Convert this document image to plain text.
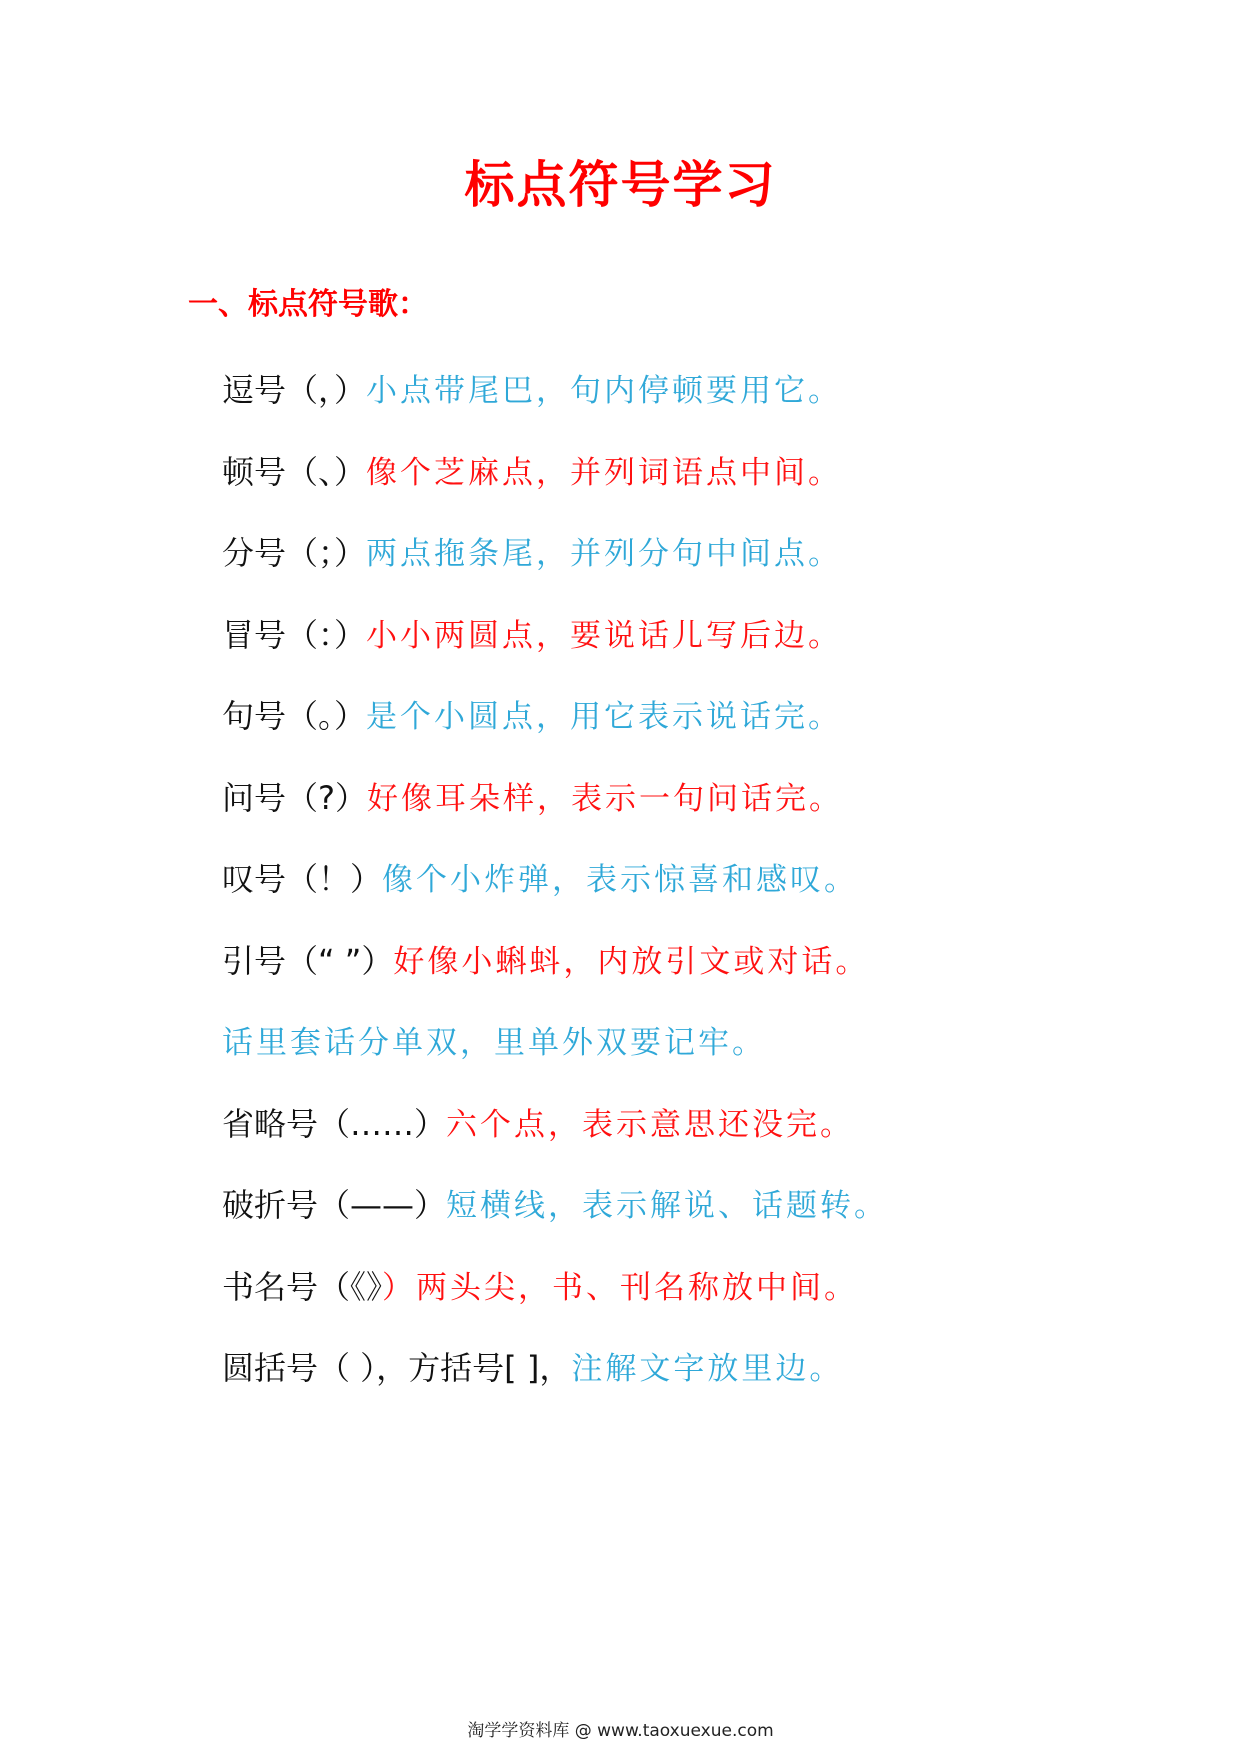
标点符号学习
一、标点符号歌：
逗号（，）小点带尾巴，句内停顿要用它。
顿号（、）像个芝麻点，并列词语点中间。
分号（；）两点拖条尾，并列分句中间点。
冒号（：）小小两圆点，要说话儿写后边。
句号（。）是个小圆点，用它表示说话完。
问号（?）好像耳朵样，表示一句问话完。
叹号（！）像个小炸弹，表示惊喜和感叹。
引号（“ ”）好像小蝌蚪，内放引文或对话。
话里套话分单双，里单外双要记牢。
省略号（……）六个点，表示意思还没完。
破折号（——）短横线，表示解说、话题转。
书名号（《》）两头尖，书、刊名称放中间。
圆括号（ ），方括号[ ]，注解文字放里边。
淘学学资料库 @ www.taoxuexue.com
